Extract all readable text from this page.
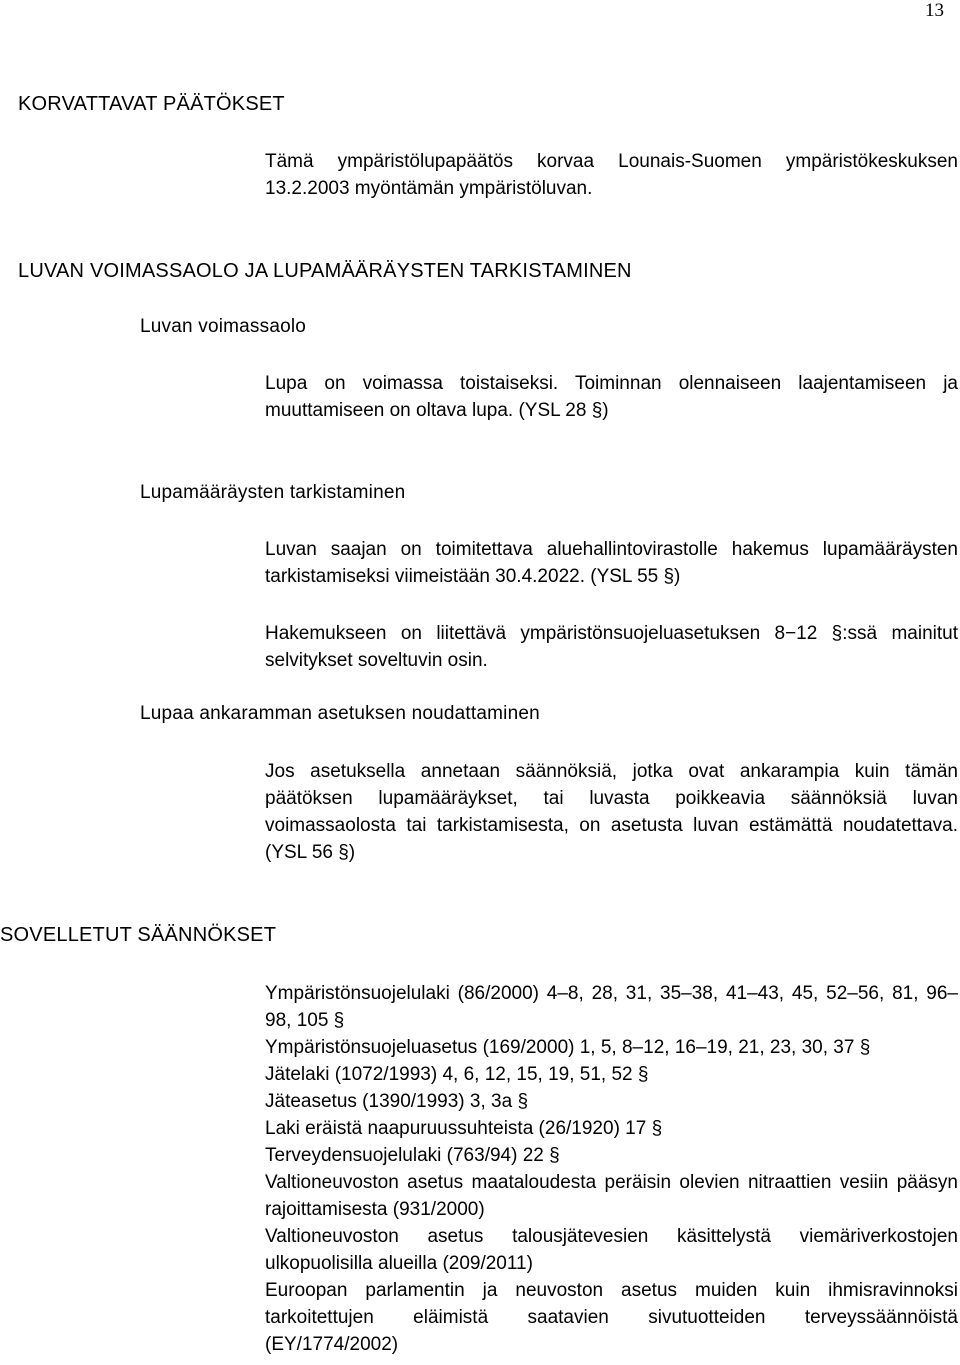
13
KORVATTAVAT PÄÄTÖKSET
Tämä ympäristölupapäätös korvaa Lounais-Suomen ympäristökeskuksen 13.2.2003 myöntämän ympäristöluvan.
LUVAN VOIMASSAOLO JA LUPAMÄÄRÄYSTEN TARKISTAMINEN
Luvan voimassaolo
Lupa on voimassa toistaiseksi. Toiminnan olennaiseen laajentamiseen ja muuttamiseen on oltava lupa. (YSL 28 §)
Lupamääräysten tarkistaminen
Luvan saajan on toimitettava aluehallintovirastolle hakemus lupamääräysten tarkistamiseksi viimeistään 30.4.2022. (YSL 55 §)
Hakemukseen on liitettävä ympäristönsuojeluasetuksen 8−12 §:ssä mainitut selvitykset soveltuvin osin.
Lupaa ankaramman asetuksen noudattaminen
Jos asetuksella annetaan säännöksiä, jotka ovat ankarampia kuin tämän päätöksen lupamääräykset, tai luvasta poikkeavia säännöksiä luvan voimassaolosta tai tarkistamisesta, on asetusta luvan estämättä noudatettava. (YSL 56 §)
SOVELLETUT SÄÄNNÖKSET
Ympäristönsuojelulaki (86/2000) 4–8, 28, 31, 35–38, 41–43, 45, 52–56, 81, 96–98, 105 §
Ympäristönsuojeluasetus (169/2000) 1, 5, 8–12, 16–19, 21, 23, 30, 37 §
Jätelaki (1072/1993) 4, 6, 12, 15, 19, 51, 52 §
Jäteasetus (1390/1993) 3, 3a §
Laki eräistä naapuruussuhteista (26/1920) 17 §
Terveydensuojelulaki (763/94) 22 §
Valtioneuvoston asetus maataloudesta peräisin olevien nitraattien vesiin pääsyn rajoittamisesta (931/2000)
Valtioneuvoston asetus talousjätevesien käsittelystä viemäriverkostojen ulkopuolisilla alueilla (209/2011)
Euroopan parlamentin ja neuvoston asetus muiden kuin ihmisravinnoksi tarkoitettujen eläimistä saatavien sivutuotteiden terveyssäännöistä (EY/1774/2002)
